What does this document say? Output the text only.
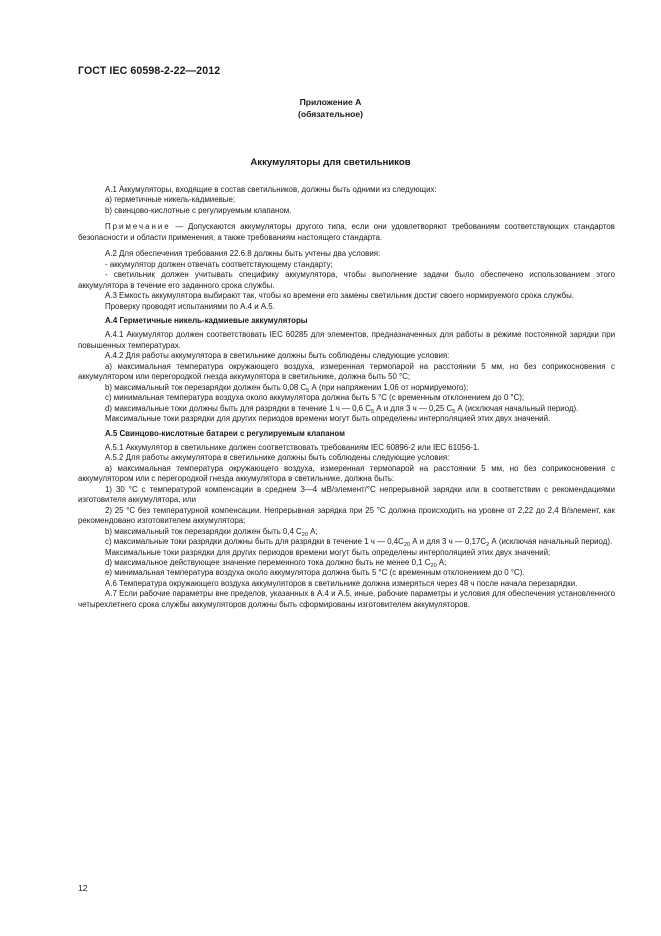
ГОСТ IEC 60598-2-22—2012
Приложение А
(обязательное)
Аккумуляторы для светильников

А.1 Аккумуляторы, входящие в состав светильников, должны быть одними из следующих:

а) герметичные никель-кадмиевые;

b) свинцово-кислотные с регулируемым клапаном.

Примечание — Допускаются аккумуляторы другого типа, если они удовлетворяют требованиям соответствующих стандартов безопасности и области применения, а также требованиям настоящего стандарта.

А.2 Для обеспечения требования 22.6.8 должны быть учтены два условия:

- аккумулятор должен отвечать соответствующему стандарту;

- светильник должен учитывать специфику аккумулятора, чтобы выполнение задачи было обеспечено использованием этого аккумулятора в течение его заданного срока службы.

А.3 Емкость аккумулятора выбирают так, чтобы ко времени его замены светильник достиг своего нормируемого срока службы.

Проверку проводят испытаниями по А.4 и А.5.

А.4 Герметичные никель-кадмиевые аккумуляторы

А.4.1 Аккумулятор должен соответствовать IEC 60285 для элементов, предназначенных для работы в режиме постоянной зарядки при повышенных температурах.

А.4.2 Для работы аккумулятора в светильнике должны быть соблюдены следующие условия:

а) максимальная температура окружающего воздуха, измеренная термопарой на расстоянии 5 мм, но без соприкосновения с аккумулятором или перегородкой гнезда аккумулятора в светильнике, должна быть 50 °C;

b) максимальный ток перезарядки должен быть 0,08 $C_5$ А (при напряжении 1,06 от нормируемого);

c) минимальная температура воздуха около аккумулятора должна быть 5 °C (с временным отклонением до 0 °C);

d) максимальные токи должны быть для разрядки в течение 1 ч — 0,6 $C_5$ А и для 3 ч — 0,25 $C_5$ А (исключая начальный период).

Максимальные токи разрядки для других периодов времени могут быть определены интерполяцией этих двух значений.

А.5 Свинцово-кислотные батареи с регулируемым клапаном

А.5.1 Аккумулятор в светильнике должен соответствовать требованиям IEC 60896-2 или IEC 61056-1.

А.5.2 Для работы аккумулятора в светильнике должны быть соблюдены следующие условия:

а) максимальная температура окружающего воздуха, измеренная термопарой на расстоянии 5 мм, но без соприкосновения с аккумулятором или с перегородкой гнезда аккумулятора в светильнике, должна быть:

1) 30 °C с температурой компенсации в среднем 3—4 мВ/элемент/°C непрерывной зарядки или в соответствии с рекомендациями изготовителя аккумулятора, или

2) 25 °C без температурной компенсации. Непрерывная зарядка при 25 °C должна происходить на уровне от 2,22 до 2,4 В/элемент, как рекомендовано изготовителем аккумулятора;

b) максимальный ток перезарядки должен быть 0,4 $C_{20}$ А;

c) максимальные токи разрядки должны быть для разрядки в течение 1 ч — $0,4C_{20}$ А и для 3 ч — $0,17C_2$ А (исключая начальный период).

Максимальные токи разрядки для других периодов времени могут быть определены интерполяцией этих двух значений;

d) максимальное действующее значение переменного тока должно быть не менее 0,1 $C_{20}$ А;

e) минимальная температура воздуха около аккумулятора должна быть 5 °C (с временным отклонением до 0 °C).

А.6 Температура окружающего воздуха аккумуляторов в светильнике должна измеряться через 48 ч после начала перезарядки.

А.7 Если рабочие параметры вне пределов, указанных в А.4 и А.5, иные, рабочие параметры и условия для обеспечения установленного четырехлетнего срока службы аккумуляторов должны быть сформированы изготовителем аккумуляторов.

12
